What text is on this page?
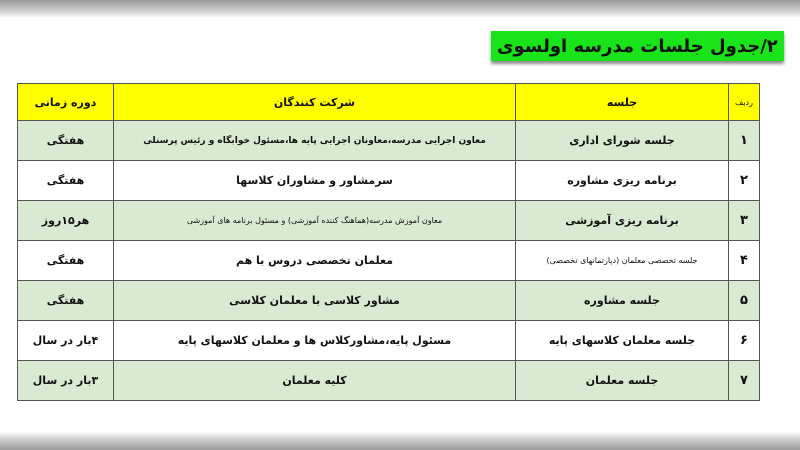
۲/جدول جلسات مدرسه اولسوی
ردیف	جلسه	شرکت کنندگان	دوره زمانی
۱	جلسه شورای اداری	معاون اجرایی مدرسه،معاونان اجرایی پایه ها،مسئول خوابگاه و رئیس پرسنلی	هفتگی
۲	برنامه ریزی مشاوره	سرمشاور و مشاوران کلاسها	هفتگی
۳	برنامه ریزی آموزشی	معاون آموزش مدرسه(هماهنگ کننده آموزشی) و مسئول برنامه های آموزشی	هر۱۵روز
۴	جلسه تخصصی معلمان (دپارتمانهای تخصصی)	معلمان تخصصی دروس با هم	هفتگی
۵	جلسه مشاوره	مشاور کلاسی با معلمان کلاسی	هفتگی
۶	جلسه معلمان کلاسهای پایه	مسئول پایه،مشاورکلاس ها و معلمان کلاسهای پایه	۴بار در سال
۷	جلسه معلمان	کلیه معلمان	۳بار در سال
